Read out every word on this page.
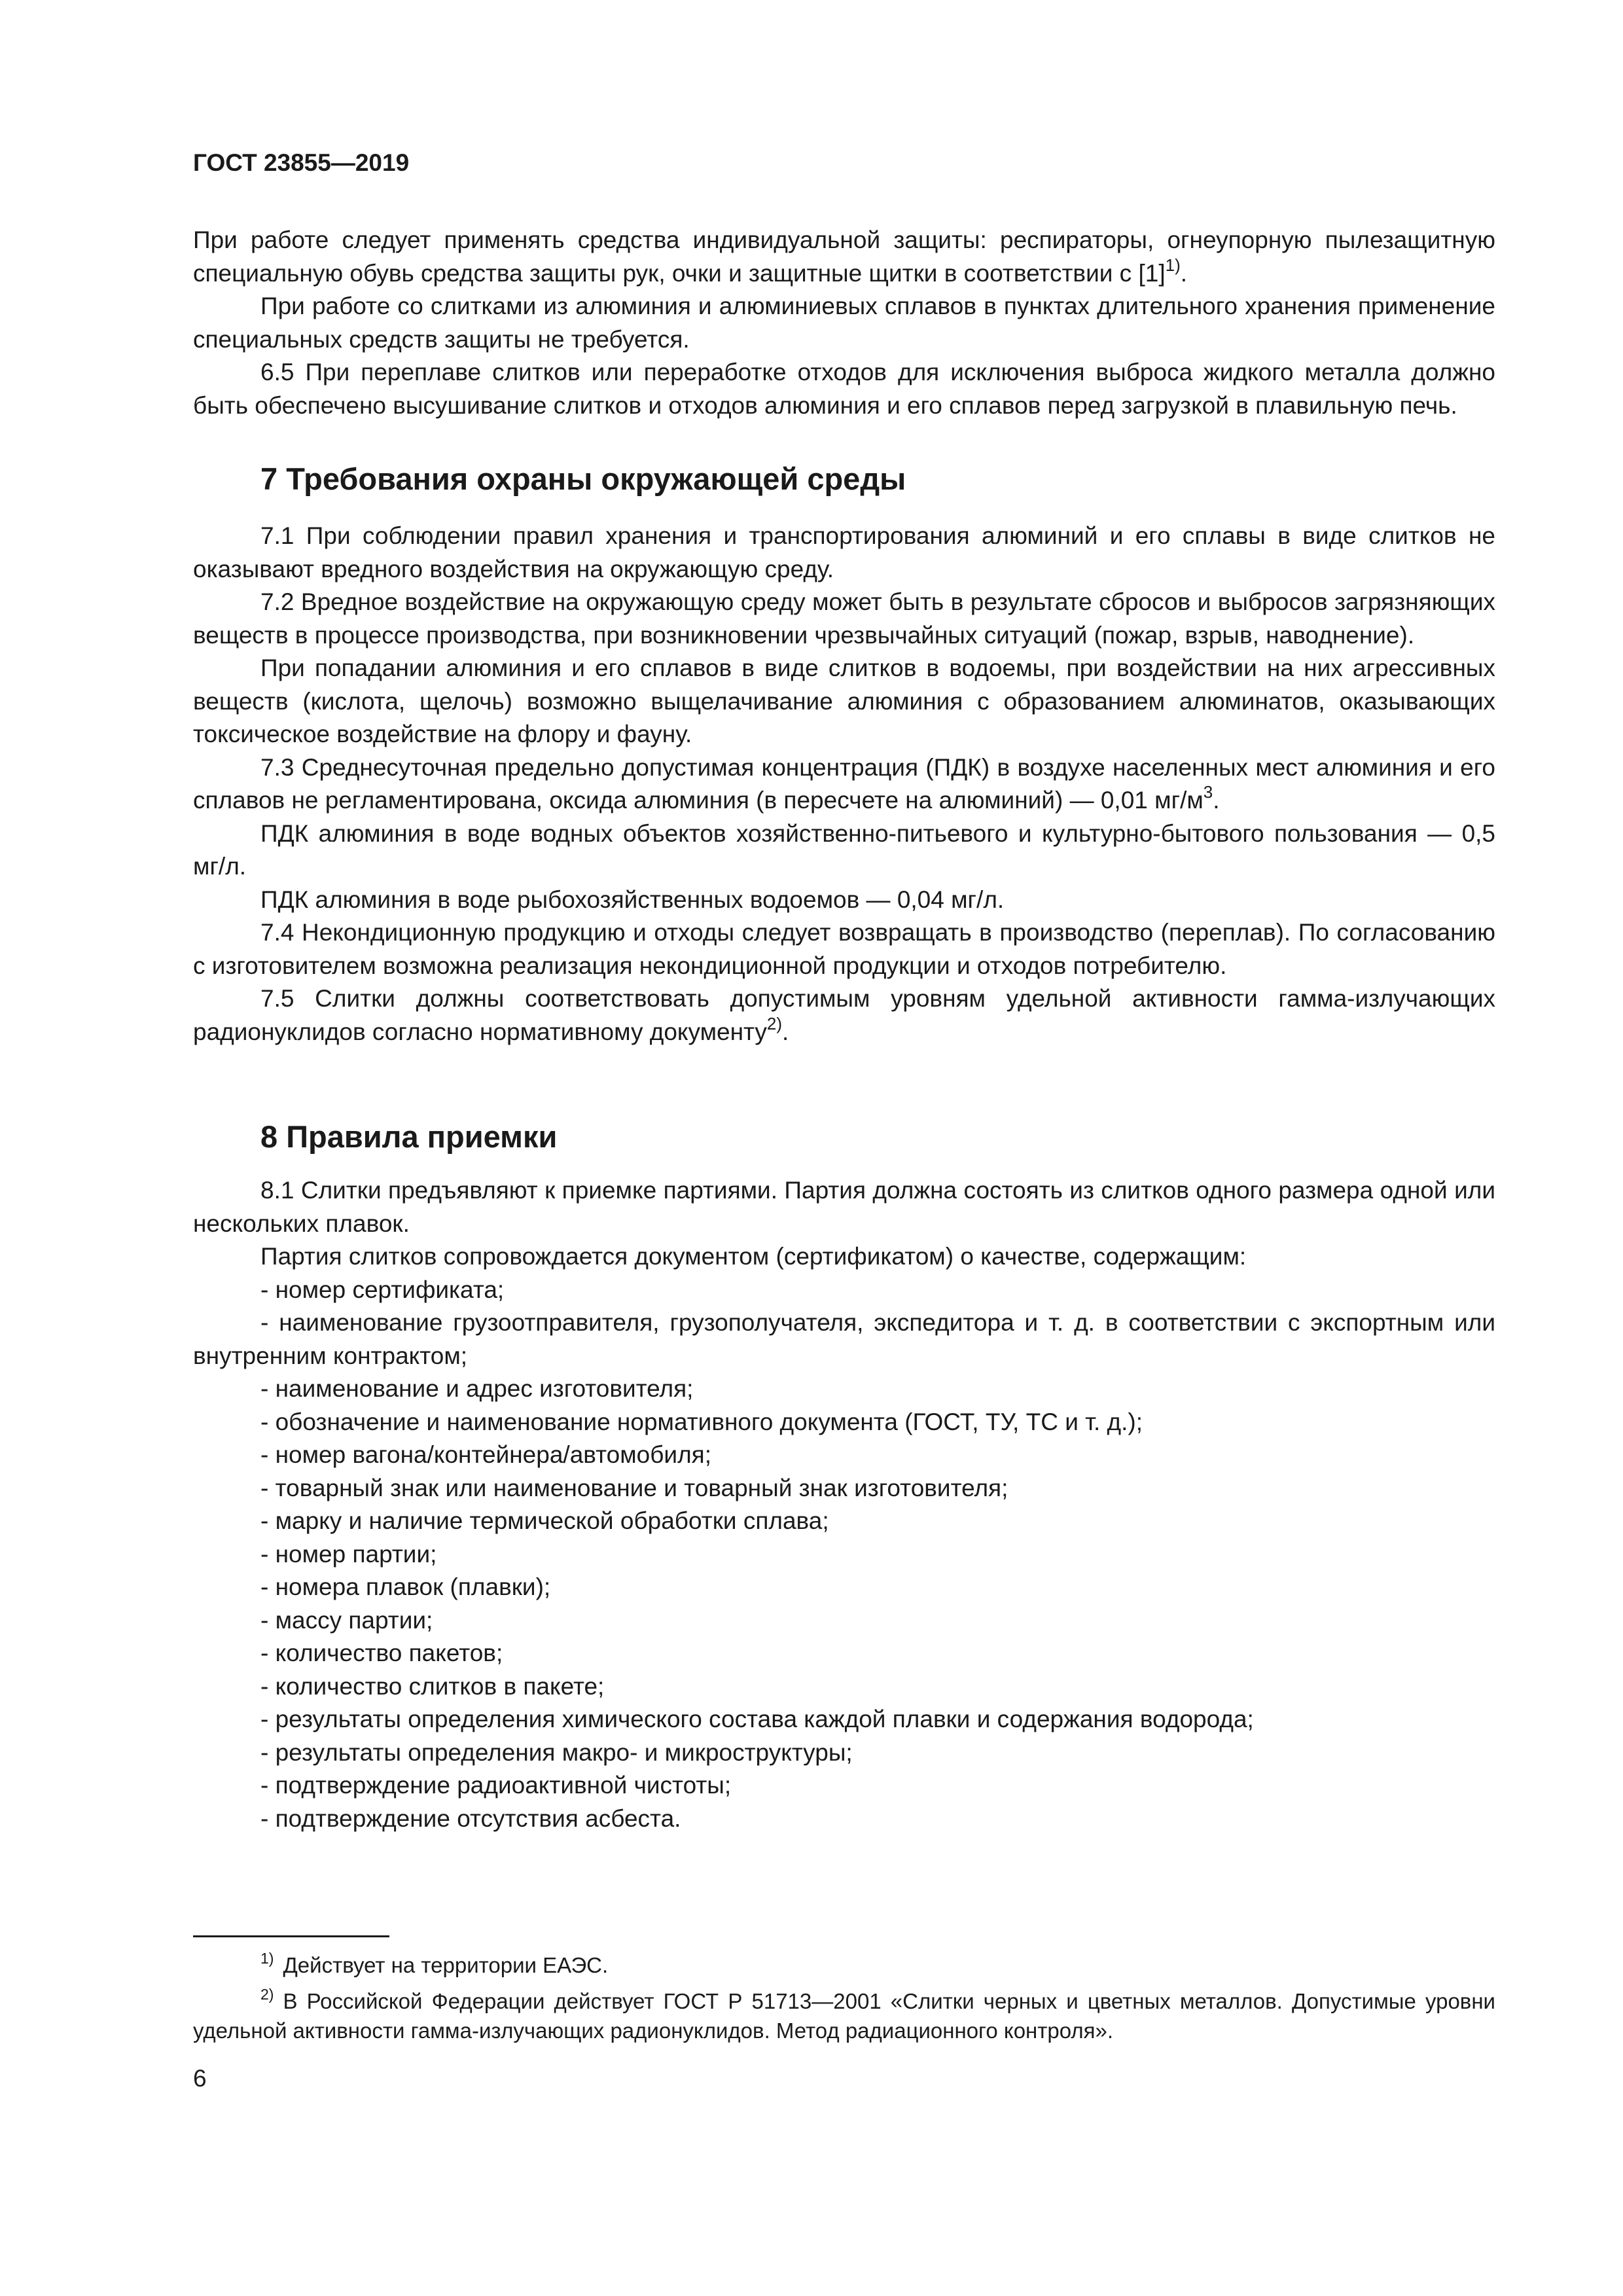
ГОСТ 23855—2019

При работе следует применять средства индивидуальной защиты: респираторы, огнеупорную пылезащитную специальную обувь средства защиты рук, очки и защитные щитки в соответствии с $[1]^{1)}$.

При работе со слитками из алюминия и алюминиевых сплавов в пунктах длительного хранения применение специальных средств защиты не требуется.

6.5 При переплаве слитков или переработке отходов для исключения выброса жидкого металла должно быть обеспечено высушивание слитков и отходов алюминия и его сплавов перед загрузкой в плавильную печь.

7 Требования охраны окружающей среды

7.1 При соблюдении правил хранения и транспортирования алюминий и его сплавы в виде слитков не оказывают вредного воздействия на окружающую среду.

7.2 Вредное воздействие на окружающую среду может быть в результате сбросов и выбросов загрязняющих веществ в процессе производства, при возникновении чрезвычайных ситуаций (пожар, взрыв, наводнение).

При попадании алюминия и его сплавов в виде слитков в водоемы, при воздействии на них агрессивных веществ (кислота, щелочь) возможно выщелачивание алюминия с образованием алюминатов, оказывающих токсическое воздействие на флору и фауну.

7.3 Среднесуточная предельно допустимая концентрация (ПДК) в воздухе населенных мест алюминия и его сплавов не регламентирована, оксида алюминия (в пересчете на алюминий) — 0,01 $мг/м^3$.

ПДК алюминия в воде водных объектов хозяйственно-питьевого и культурно-бытового пользования — 0,5 мг/л.

ПДК алюминия в воде рыбохозяйственных водоемов — 0,04 мг/л.

7.4 Некондиционную продукцию и отходы следует возвращать в производство (переплав). По согласованию с изготовителем возможна реализация некондиционной продукции и отходов потребителю.

7.5 Слитки должны соответствовать допустимым уровням удельной активности гамма-излучающих радионуклидов согласно нормативному документу$^{2)}$.

8 Правила приемки

8.1 Слитки предъявляют к приемке партиями. Партия должна состоять из слитков одного размера одной или нескольких плавок.

Партия слитков сопровождается документом (сертификатом) о качестве, содержащим:

- номер сертификата;
- наименование грузоотправителя, грузополучателя, экспедитора и т. д. в соответствии с экспортным или внутренним контрактом;
- наименование и адрес изготовителя;
- обозначение и наименование нормативного документа (ГОСТ, ТУ, ТС и т. д.);
- номер вагона/контейнера/автомобиля;
- товарный знак или наименование и товарный знак изготовителя;
- марку и наличие термической обработки сплава;
- номер партии;
- номера плавок (плавки);
- массу партии;
- количество пакетов;
- количество слитков в пакете;
- результаты определения химического состава каждой плавки и содержания водорода;
- результаты определения макро- и микроструктуры;
- подтверждение радиоактивной чистоты;
- подтверждение отсутствия асбеста.

$^{1)}$ Действует на территории ЕАЭС.

$^{2)}$ В Российской Федерации действует ГОСТ Р 51713—2001 «Слитки черных и цветных металлов. Допустимые уровни удельной активности гамма-излучающих радионуклидов. Метод радиационного контроля».

6
